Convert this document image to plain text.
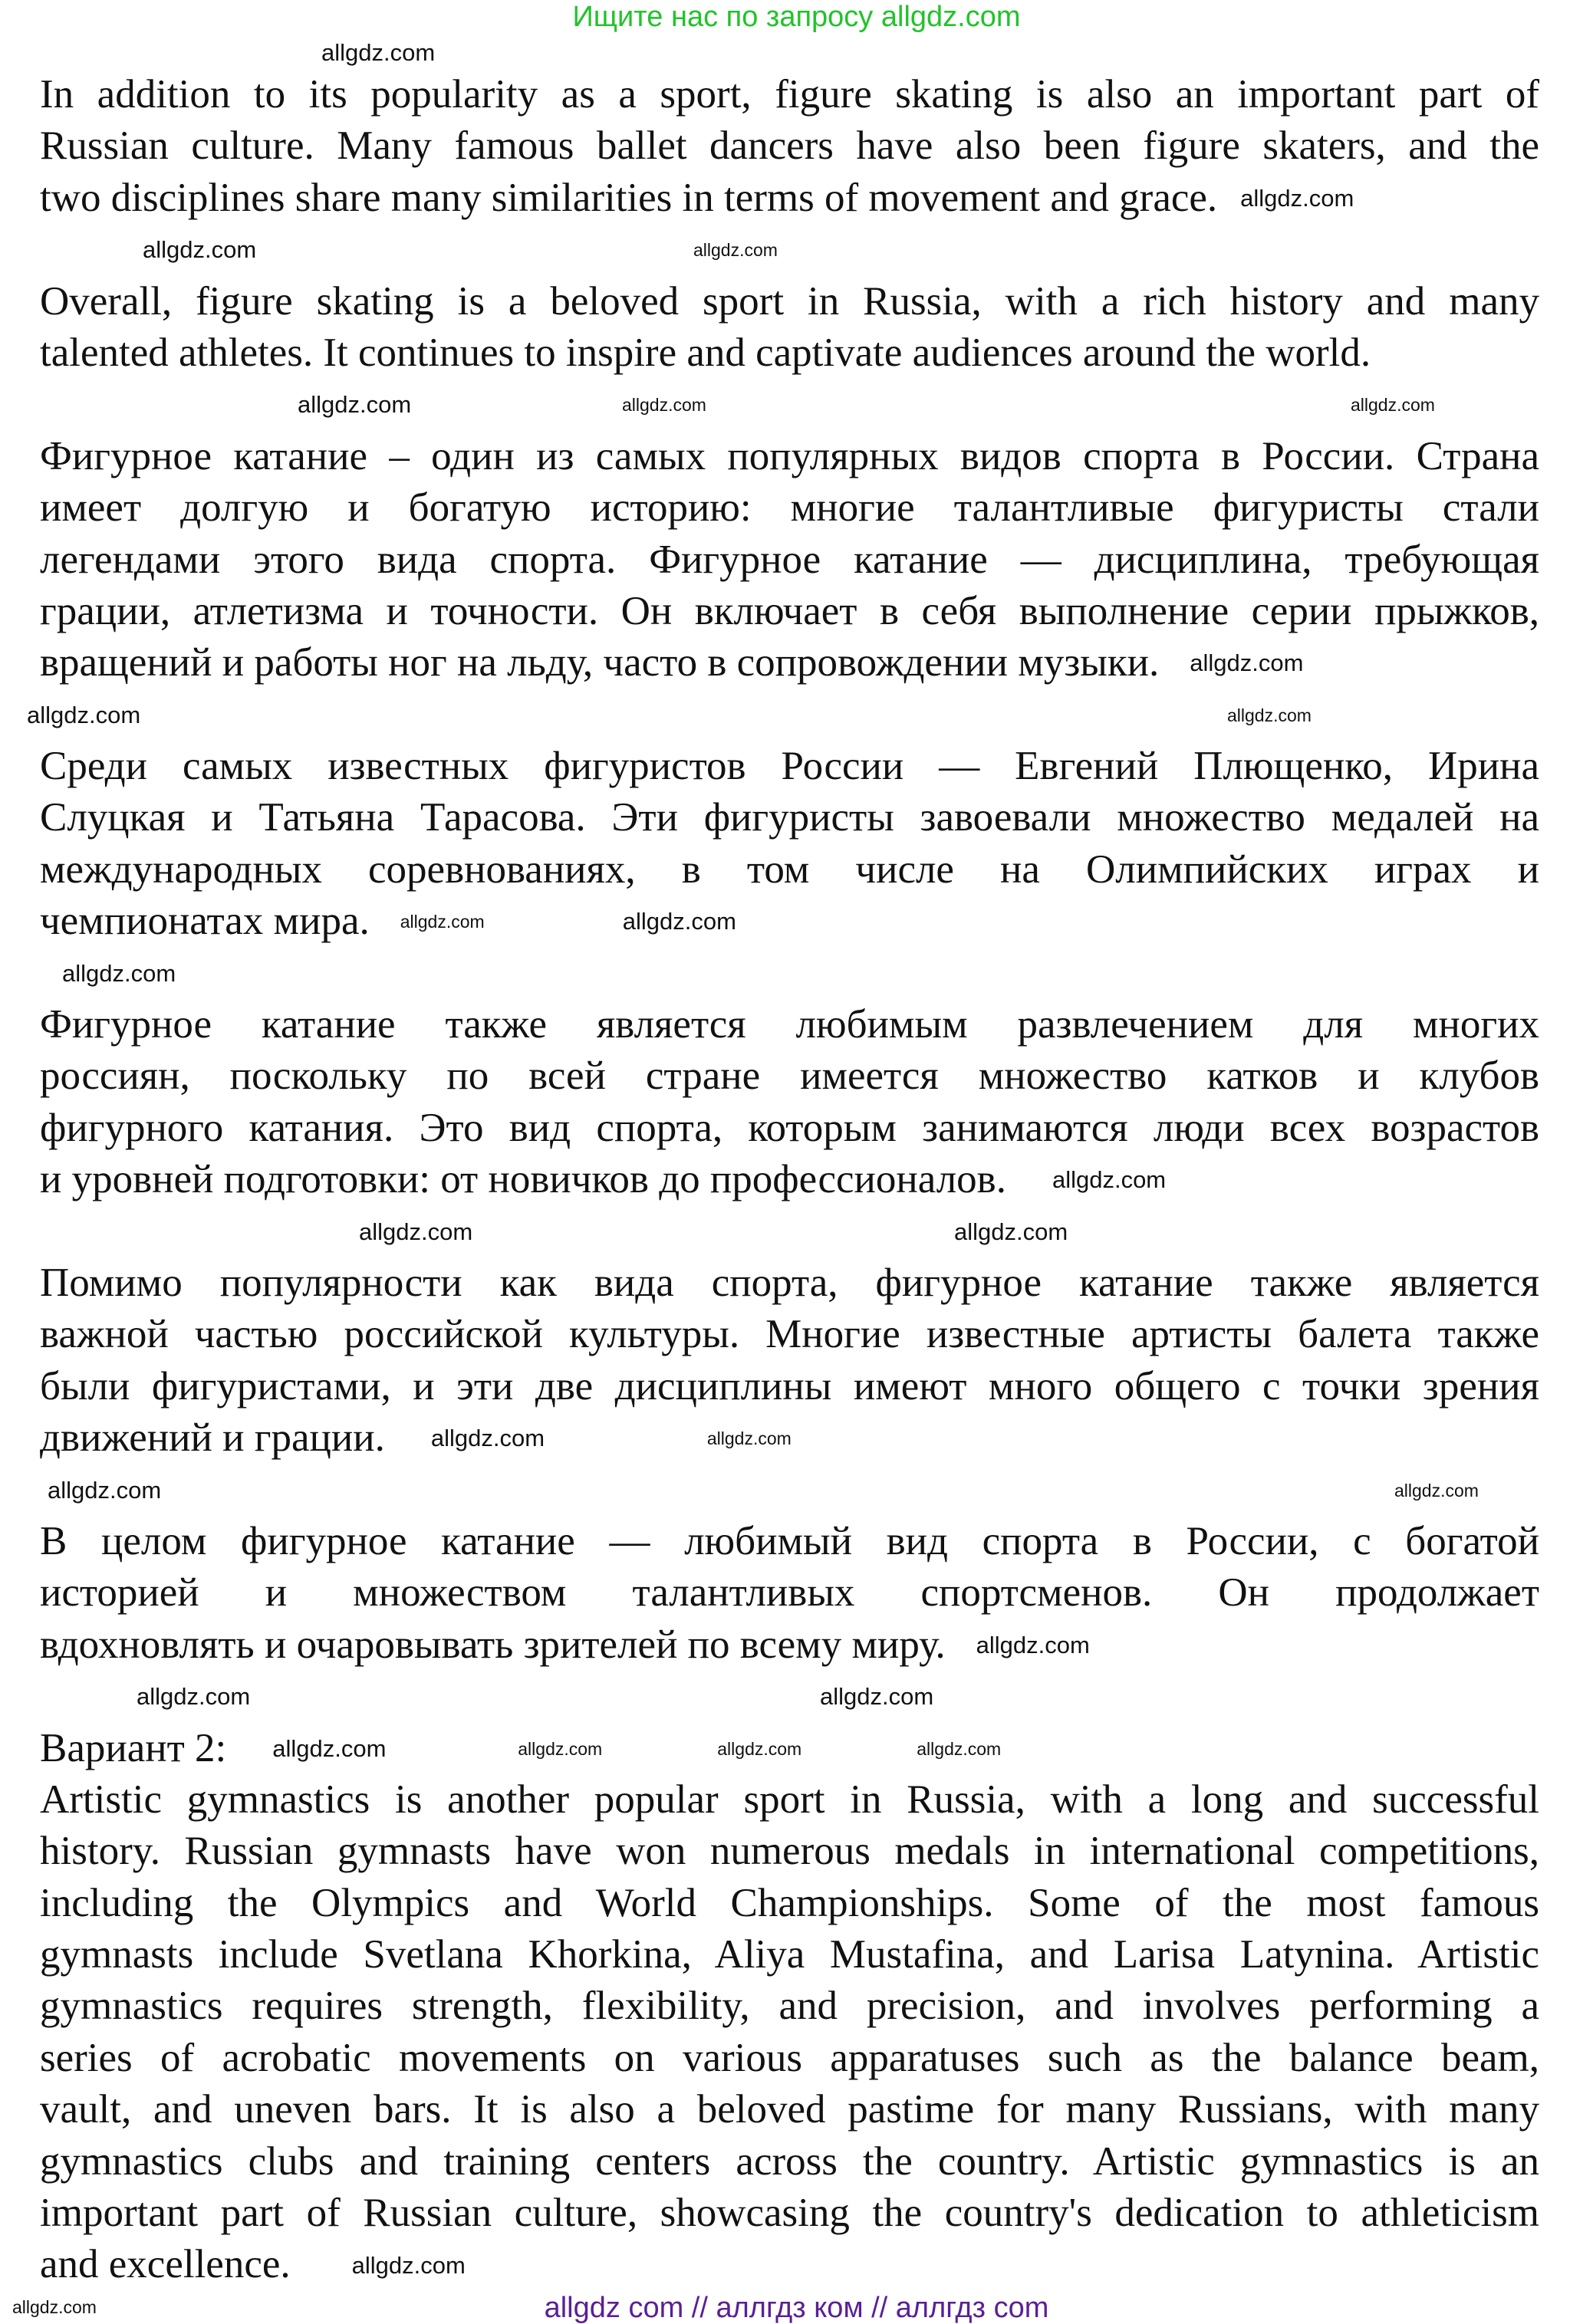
Ищите нас по запросу allgdz.com
In addition to its popularity as a sport, figure skating is also an important part of
Russian culture. Many famous ballet dancers have also been figure skaters, and the
two disciplines share many similarities in terms of movement and grace.
Overall, figure skating is a beloved sport in Russia, with a rich history and many
talented athletes. It continues to inspire and captivate audiences around the world.
Фигурное катание – один из самых популярных видов спорта в России. Страна
имеет долгую и богатую историю: многие талантливые фигуристы стали
легендами этого вида спорта. Фигурное катание — дисциплина, требующая
грации, атлетизма и точности. Он включает в себя выполнение серии прыжков,
вращений и работы ног на льду, часто в сопровождении музыки.
Среди самых известных фигуристов России — Евгений Плющенко, Ирина
Слуцкая и Татьяна Тарасова. Эти фигуристы завоевали множество медалей на
международных соревнованиях, в том числе на Олимпийских играх и
чемпионатах мира.
Фигурное катание также является любимым развлечением для многих
россиян, поскольку по всей стране имеется множество катков и клубов
фигурного катания. Это вид спорта, которым занимаются люди всех возрастов
и уровней подготовки: от новичков до профессионалов.
Помимо популярности как вида спорта, фигурное катание также является
важной частью российской культуры. Многие известные артисты балета также
были фигуристами, и эти две дисциплины имеют много общего с точки зрения
движений и грации.
В целом фигурное катание — любимый вид спорта в России, с богатой
историей и множеством талантливых спортсменов. Он продолжает
вдохновлять и очаровывать зрителей по всему миру.
Вариант 2:
Artistic gymnastics is another popular sport in Russia, with a long and successful
history. Russian gymnasts have won numerous medals in international competitions,
including the Olympics and World Championships. Some of the most famous
gymnasts include Svetlana Khorkina, Aliya Mustafina, and Larisa Latynina. Artistic
gymnastics requires strength, flexibility, and precision, and involves performing a
series of acrobatic movements on various apparatuses such as the balance beam,
vault, and uneven bars. It is also a beloved pastime for many Russians, with many
gymnastics clubs and training centers across the country. Artistic gymnastics is an
important part of Russian culture, showcasing the country's dedication to athleticism
and excellence.
allgdz.com
allgdz.com
allgdz.com	allgdz.com
allgdz.com
allgdz.com	allgdz.com
allgdz.com
allgdz.com	allgdz.com
allgdz.com	allgdz.com
allgdz.com
allgdz.com
allgdz.com
allgdz.com
allgdz.com
allgdz.com
allgdz.com	allgdz.com
allgdz.com
allgdz.com	allgdz.com
allgdz.com	allgdz.com	allgdz.com	allgdz.com
allgdz.com
allgdz.com
allgdz com // аллгдз ком // аллгдз com
